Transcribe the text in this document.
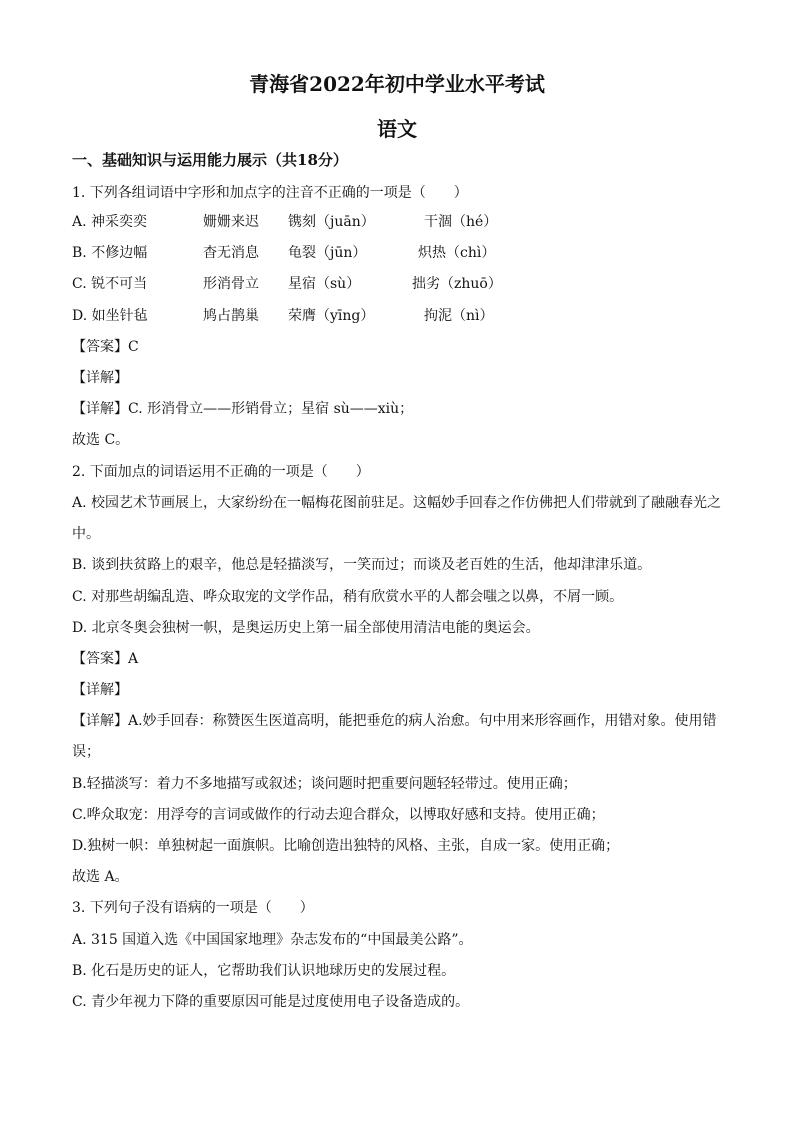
青海省2022年初中学业水平考试
语文
一、基础知识与运用能力展示（共18分）
1. 下列各组词语中字形和加点字的注音不正确的一项是（　　）
A. 神采奕奕	姗姗来迟 镌刻（juān）	干涸（hé）
B. 不修边幅	杳无消息 龟裂（jūn）	炽热（chì）
C. 锐不可当	形消骨立 星宿（sù）	拙劣（zhuō）
D. 如坐针毡	鸠占鹊巢 荣膺（yīng）	拘泥（nì）
【答案】C
【详解】
【详解】C. 形消骨立——形销骨立；星宿 sù——xiù；
故选 C。
2. 下面加点的词语运用不正确的一项是（　　）
A. 校园艺术节画展上，大家纷纷在一幅梅花图前驻足。这幅妙手回春之作仿佛把人们带就到了融融春光之
中。
B. 谈到扶贫路上的艰辛，他总是轻描淡写，一笑而过；而谈及老百姓的生活，他却津津乐道。
C. 对那些胡编乱造、哗众取宠的文学作品，稍有欣赏水平的人都会嗤之以鼻，不屑一顾。
D. 北京冬奥会独树一帜，是奥运历史上第一届全部使用清洁电能的奥运会。
【答案】A
【详解】
【详解】A.妙手回春：称赞医生医道高明，能把垂危的病人治愈。句中用来形容画作，用错对象。使用错
误；
B.轻描淡写：着力不多地描写或叙述；谈问题时把重要问题轻轻带过。使用正确；
C.哗众取宠：用浮夸的言词或做作的行动去迎合群众，以博取好感和支持。使用正确；
D.独树一帜：单独树起一面旗帜。比喻创造出独特的风格、主张，自成一家。使用正确；
故选 A。
3. 下列句子没有语病的一项是（　　）
A. 315 国道入选《中国国家地理》杂志发布的“中国最美公路”。
B. 化石是历史的证人，它帮助我们认识地球历史的发展过程。
C. 青少年视力下降的重要原因可能是过度使用电子设备造成的。
